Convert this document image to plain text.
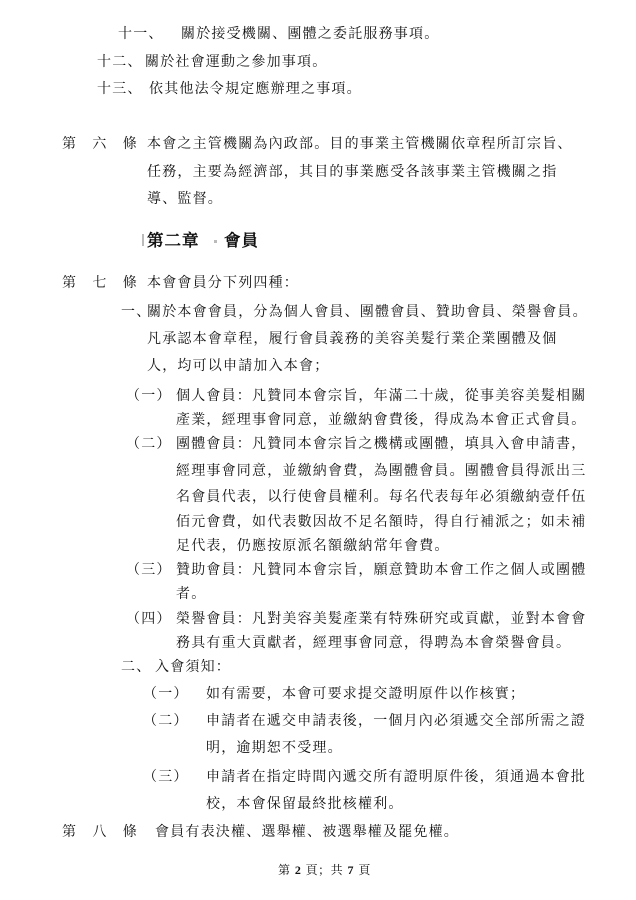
十一、 關於接受機關、團體之委託服務事項。
十二、 關於社會運動之參加事項。
十三、 依其他法令規定應辦理之事項。
第　六　條 本會之主管機關為內政部。目的事業主管機關依章程所訂宗旨、
任務，主要為經濟部，其目的事業應受各該事業主管機關之指
導、監督。
第二章 會員
第　七　條 本會會員分下列四種：
一、
關於本會會員，分為個人會員、團體會員、贊助會員、榮譽會員。
凡承認本會章程，履行會員義務的美容美髮行業企業團體及個
人，均可以申請加入本會；
（一） 個人會員：凡贊同本會宗旨，年滿二十歲，從事美容美髮相關
產業，經理事會同意，並繳納會費後，得成為本會正式會員。
（二） 團體會員：凡贊同本會宗旨之機構或團體，填具入會申請書，
經理事會同意，並繳納會費，為團體會員。團體會員得派出三
名會員代表，以行使會員權利。每名代表每年必須繳納壹仟伍
佰元會費，如代表數因故不足名額時，得自行補派之；如未補
足代表，仍應按原派名額繳納常年會費。
（三） 贊助會員：凡贊同本會宗旨，願意贊助本會工作之個人或團體
者。
（四） 榮譽會員：凡對美容美髮產業有特殊研究或貢獻，並對本會會
務具有重大貢獻者，經理事會同意，得聘為本會榮譽會員。
二、 入會須知：
（一） 如有需要，本會可要求提交證明原件以作核實；
（二） 申請者在遞交申請表後，一個月內必須遞交全部所需之證
明，逾期恕不受理。
（三） 申請者在指定時間內遞交所有證明原件後，須通過本會批
校，本會保留最終批核權利。
第　八　條 會員有表決權、選舉權、被選舉權及罷免權。
第 2 頁；共 7 頁
